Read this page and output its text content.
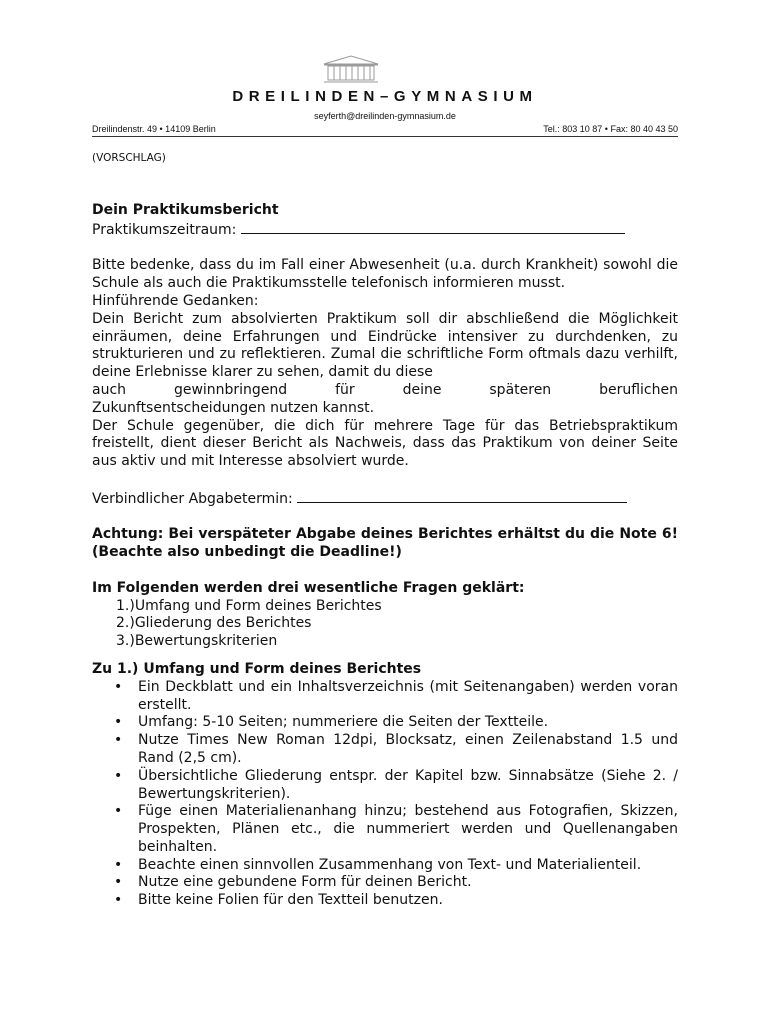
DREILINDEN–GYMNASIUM
seyferth@dreilinden-gymnasium.de
Dreilindenstr. 49 • 14109 Berlin	Tel.: 803 10 87 • Fax: 80 40 43 50
(VORSCHLAG)

Dein Praktikumsbericht

Praktikumszeitraum:

Bitte bedenke, dass du im Fall einer Abwesenheit (u.a. durch Krankheit) sowohl die Schule als auch die Praktikumsstelle telefonisch informieren musst.

Hinführende Gedanken:

Dein Bericht zum absolvierten Praktikum soll dir abschließend die Möglichkeit einräumen, deine Erfahrungen und Eindrücke intensiver zu durchdenken, zu strukturieren und zu reflektieren. Zumal die schriftliche Form oftmals dazu verhilft, deine Erlebnisse klarer zu sehen, damit du diese

auch gewinnbringend für deine späteren beruflichen

Zukunftsentscheidungen nutzen kannst.

Der Schule gegenüber, die dich für mehrere Tage für das Betriebspraktikum freistellt, dient dieser Bericht als Nachweis, dass das Praktikum von deiner Seite aus aktiv und mit Interesse absolviert wurde.

Verbindlicher Abgabetermin:

Achtung: Bei verspäteter Abgabe deines Berichtes erhältst du die Note 6! (Beachte also unbedingt die Deadline!)

Im Folgenden werden drei wesentliche Fragen geklärt:

1.)Umfang und Form deines Berichtes
2.)Gliederung des Berichtes
3.)Bewertungskriterien

Zu 1.) Umfang und Form deines Berichtes

• Ein Deckblatt und ein Inhaltsverzeichnis (mit Seitenangaben) werden voran erstellt.
• Umfang: 5-10 Seiten; nummeriere die Seiten der Textteile.
• Nutze Times New Roman 12dpi, Blocksatz, einen Zeilenabstand 1.5 und Rand (2,5 cm).
• Übersichtliche Gliederung entspr. der Kapitel bzw. Sinnabsätze (Siehe 2. / Bewertungskriterien).
• Füge einen Materialienanhang hinzu; bestehend aus Fotografien, Skizzen, Prospekten, Plänen etc., die nummeriert werden und Quellenangaben beinhalten.
• Beachte einen sinnvollen Zusammenhang von Text- und Materialienteil.
• Nutze eine gebundene Form für deinen Bericht.
• Bitte keine Folien für den Textteil benutzen.
